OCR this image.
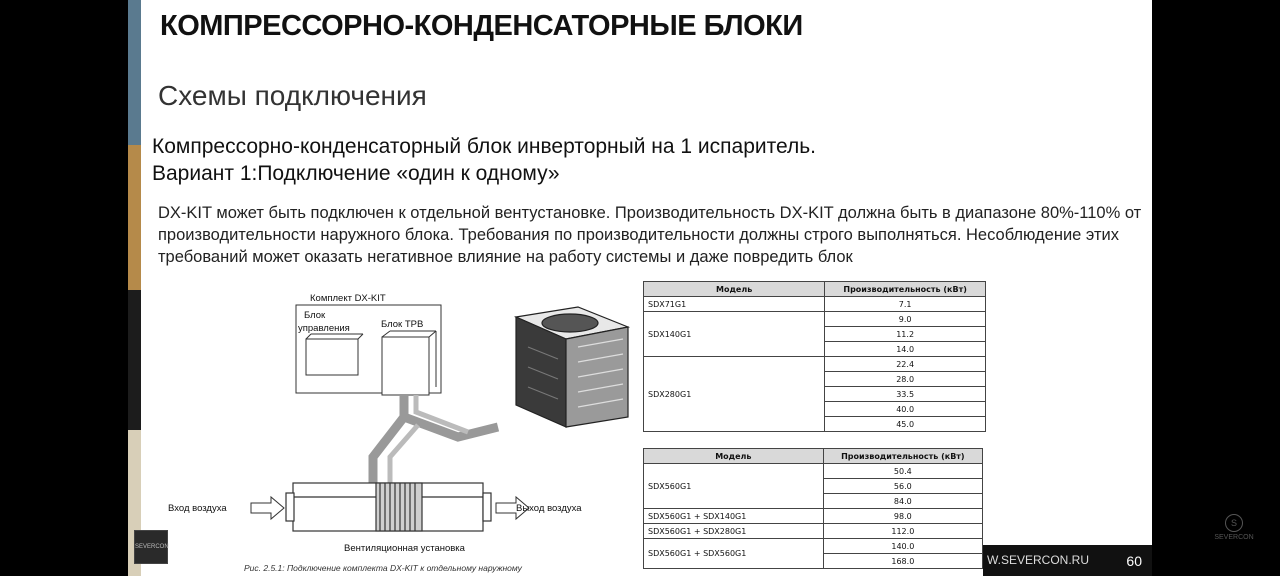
SEVERCON
КОМПРЕССОРНО-КОНДЕНСАТОРНЫЕ БЛОКИ
Схемы подключения
Компрессорно-конденсаторный блок инверторный на 1 испаритель.
Вариант 1:Подключение «один к одному»
DX-KIT может быть подключен к отдельной вентустановке. Производительность DX-KIT должна быть в диапазоне 80%-110% от производительности наружного блока. Требования по производительности должны строго выполняться. Несоблюдение этих требований может оказать негативное влияние на работу системы и даже повредить блок
Комплект DX-KIT
Блок
управления	Блок ТРВ
Вход воздуха	Выход воздуха
Вентиляционная установка
Рис. 2.5.1: Подключение комплекта DX-KIT к отдельному наружному
Модель	Производительность (кВт)
SDX71G1	7.1
SDX140G1	9.0
	11.2
	14.0
SDX280G1	22.4
	28.0
	33.5
	40.0
	45.0
Модель	Производительность (кВт)
SDX560G1	50.4
	56.0
	84.0
SDX560G1 + SDX140G1	98.0
SDX560G1 + SDX280G1	112.0
SDX560G1 + SDX560G1	140.0
	168.0	W.SEVERCON.RU	60
S
SEVERCON
